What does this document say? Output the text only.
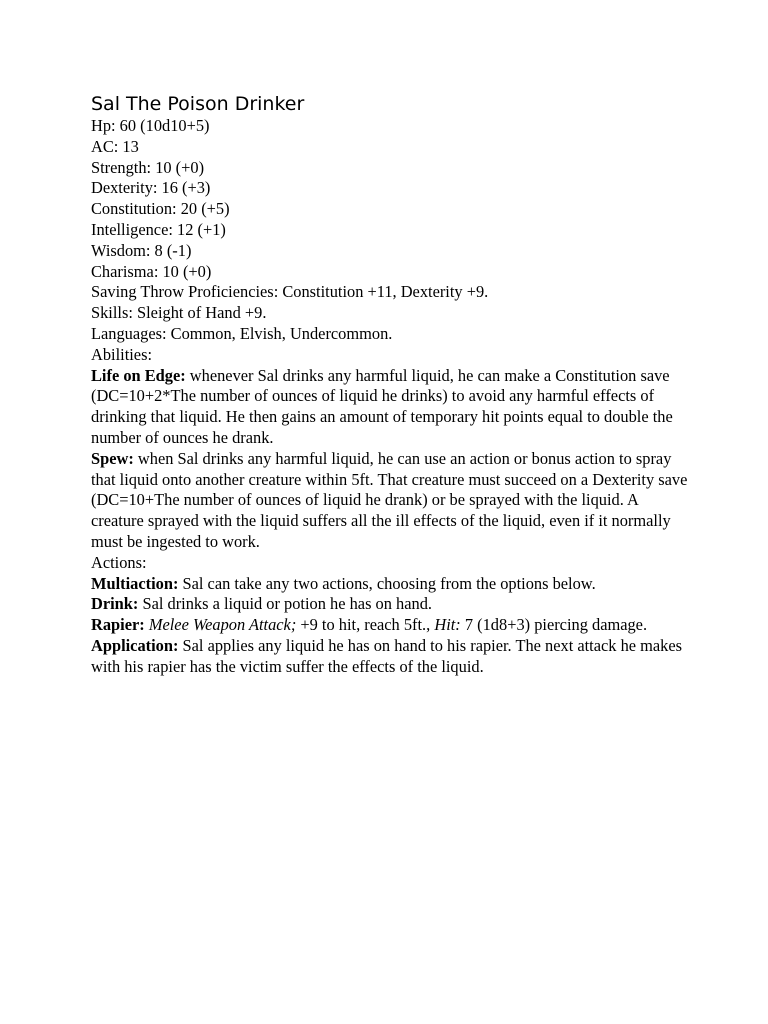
Sal The Poison Drinker
Hp: 60 (10d10+5)
AC: 13
Strength: 10 (+0)
Dexterity: 16 (+3)
Constitution: 20 (+5)
Intelligence: 12 (+1)
Wisdom: 8 (-1)
Charisma: 10 (+0)
Saving Throw Proficiencies: Constitution +11, Dexterity +9.
Skills: Sleight of Hand +9.
Languages: Common, Elvish, Undercommon.
Abilities:
Life on Edge: whenever Sal drinks any harmful liquid, he can make a Constitution save (DC=10+2*The number of ounces of liquid he drinks) to avoid any harmful effects of drinking that liquid. He then gains an amount of temporary hit points equal to double the number of ounces he drank.
Spew: when Sal drinks any harmful liquid, he can use an action or bonus action to spray that liquid onto another creature within 5ft. That creature must succeed on a Dexterity save (DC=10+The number of ounces of liquid he drank) or be sprayed with the liquid. A creature sprayed with the liquid suffers all the ill effects of the liquid, even if it normally must be ingested to work.
Actions:
Multiaction: Sal can take any two actions, choosing from the options below.
Drink: Sal drinks a liquid or potion he has on hand.
Rapier: Melee Weapon Attack; +9 to hit, reach 5ft., Hit: 7 (1d8+3) piercing damage.
Application: Sal applies any liquid he has on hand to his rapier. The next attack he makes with his rapier has the victim suffer the effects of the liquid.
